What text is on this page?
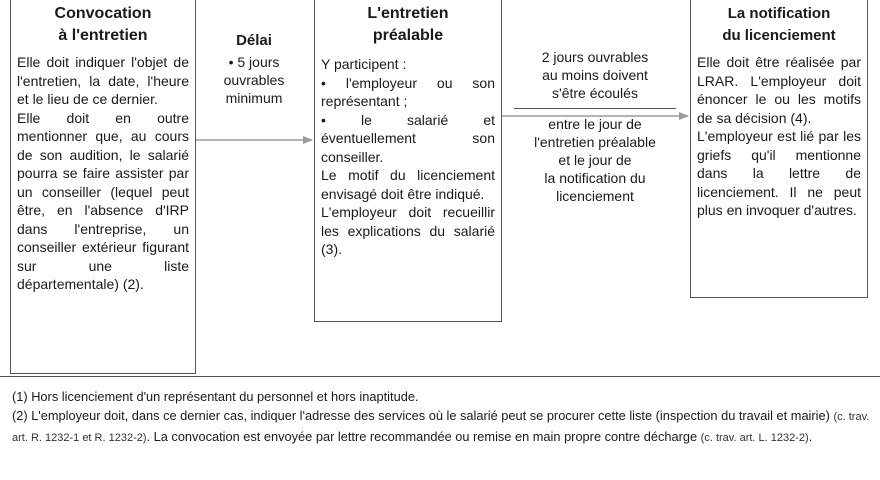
Convocation
à l'entretien

Elle doit indiquer l'objet de l'entretien, la date, l'heure et le lieu de ce dernier.

Elle doit en outre mentionner que, au cours de son audition, le salarié pourra se faire assister par un conseiller (lequel peut être, en l'absence d'IRP dans l'entreprise, un conseiller extérieur figurant sur une liste départementale) (2).

Délai
• 5 jours
ouvrables
minimum
L'entretien
préalable

Y participent :

• l'employeur ou son représentant ;

• le salarié et éventuellement son conseiller.

Le motif du licenciement envisagé doit être indiqué.

L'employeur doit recueillir les explications du salarié (3).

2 jours ouvrables
au moins doivent
s'être écoulés
entre le jour de
l'entretien préalable
et le jour de
la notification du
licenciement
La notification
du licenciement

Elle doit être réalisée par LRAR. L'employeur doit énoncer le ou les motifs de sa décision (4).

L'employeur est lié par les griefs qu'il mentionne dans la lettre de licenciement. Il ne peut plus en invoquer d'autres.

(1) Hors licenciement d'un représentant du personnel et hors inaptitude.

(2) L'employeur doit, dans ce dernier cas, indiquer l'adresse des services où le salarié peut se procurer cette liste (inspection du travail et mairie) (c. trav. art. R. 1232-1 et R. 1232-2). La convocation est envoyée par lettre recommandée ou remise en main propre contre décharge (c. trav. art. L. 1232-2).
